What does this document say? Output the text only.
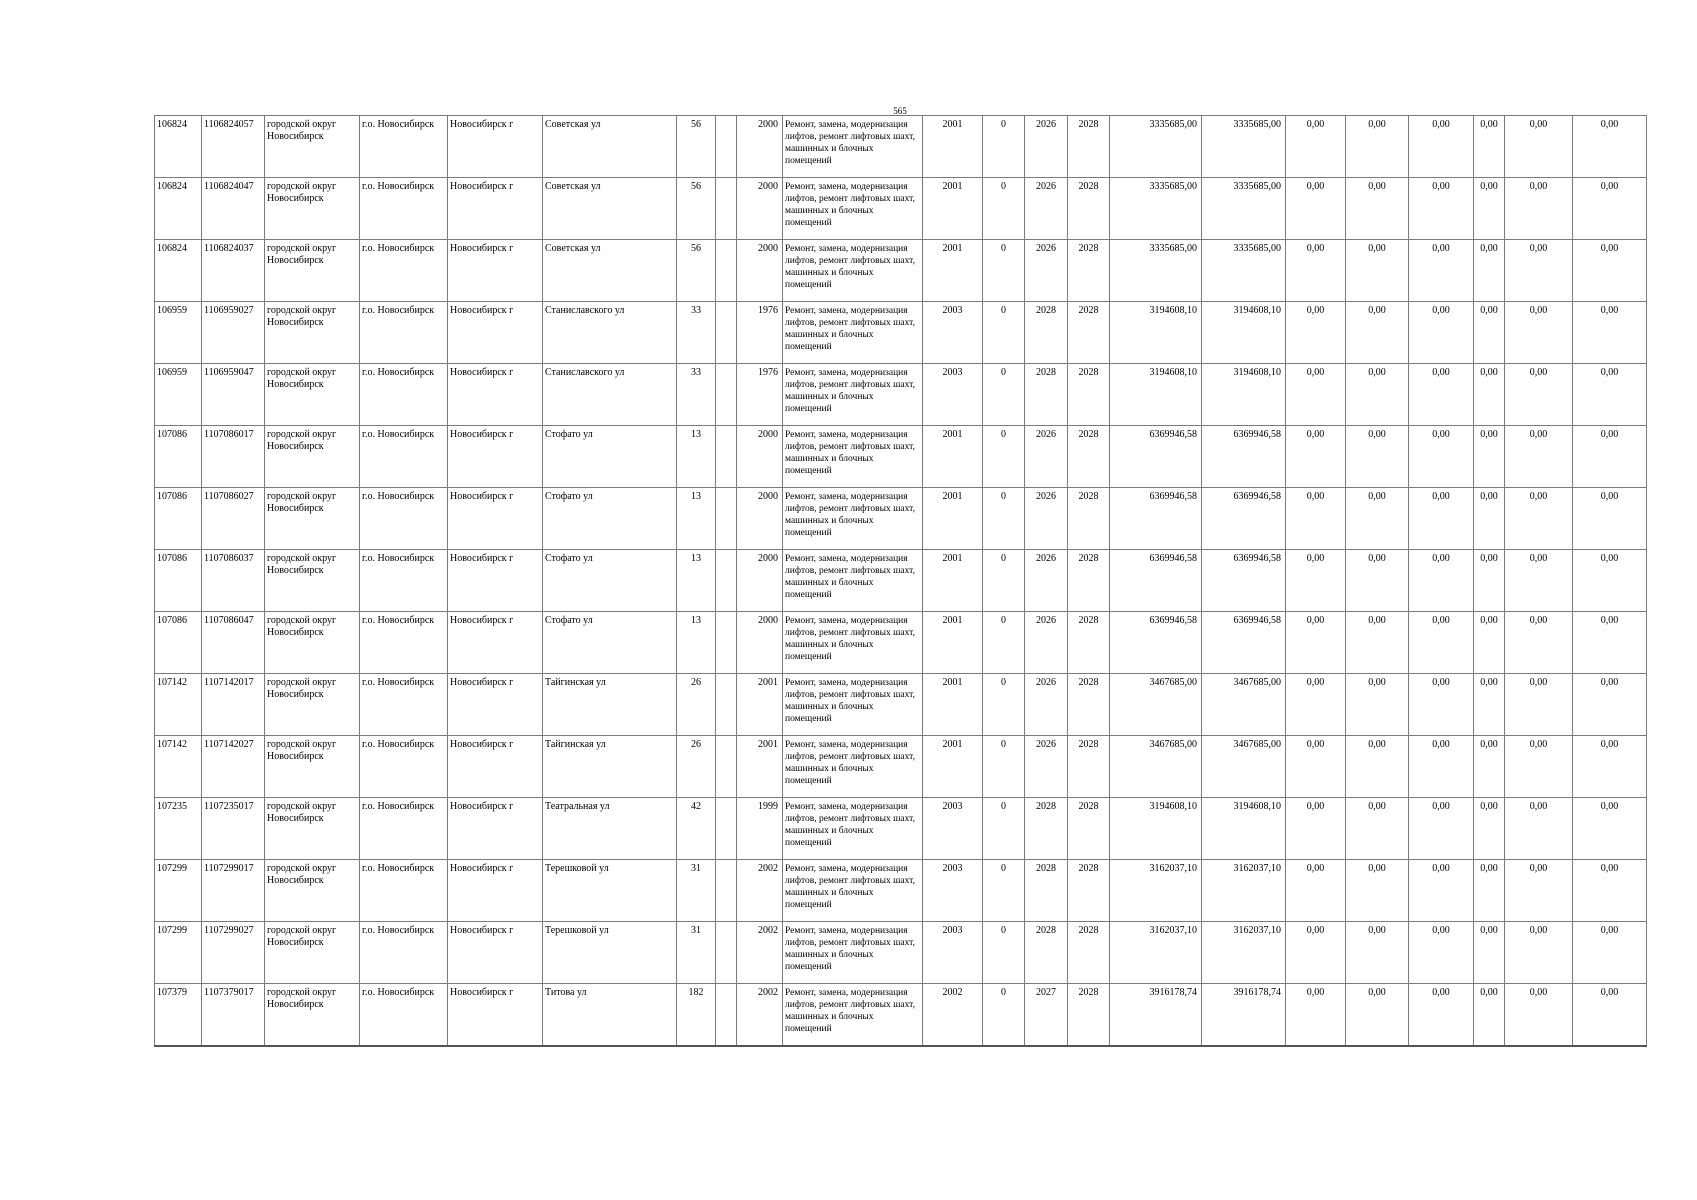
565
106824	1106824057	городской округ Новосибирск	г.о. Новосибирск	Новосибирск г	Советская ул	56		2000	Ремонт, замена, модернизация лифтов, ремонт лифтовых шахт, машинных и блочных помещений	2001	0	2026	2028	3335685,00	3335685,00	0,00	0,00	0,00	0,00	0,00	0,00
106824	1106824047	городской округ Новосибирск	г.о. Новосибирск	Новосибирск г	Советская ул	56		2000	Ремонт, замена, модернизация лифтов, ремонт лифтовых шахт, машинных и блочных помещений	2001	0	2026	2028	3335685,00	3335685,00	0,00	0,00	0,00	0,00	0,00	0,00
106824	1106824037	городской округ Новосибирск	г.о. Новосибирск	Новосибирск г	Советская ул	56		2000	Ремонт, замена, модернизация лифтов, ремонт лифтовых шахт, машинных и блочных помещений	2001	0	2026	2028	3335685,00	3335685,00	0,00	0,00	0,00	0,00	0,00	0,00
106959	1106959027	городской округ Новосибирск	г.о. Новосибирск	Новосибирск г	Станиславского ул	33		1976	Ремонт, замена, модернизация лифтов, ремонт лифтовых шахт, машинных и блочных помещений	2003	0	2028	2028	3194608,10	3194608,10	0,00	0,00	0,00	0,00	0,00	0,00
106959	1106959047	городской округ Новосибирск	г.о. Новосибирск	Новосибирск г	Станиславского ул	33		1976	Ремонт, замена, модернизация лифтов, ремонт лифтовых шахт, машинных и блочных помещений	2003	0	2028	2028	3194608,10	3194608,10	0,00	0,00	0,00	0,00	0,00	0,00
107086	1107086017	городской округ Новосибирск	г.о. Новосибирск	Новосибирск г	Стофато ул	13		2000	Ремонт, замена, модернизация лифтов, ремонт лифтовых шахт, машинных и блочных помещений	2001	0	2026	2028	6369946,58	6369946,58	0,00	0,00	0,00	0,00	0,00	0,00
107086	1107086027	городской округ Новосибирск	г.о. Новосибирск	Новосибирск г	Стофато ул	13		2000	Ремонт, замена, модернизация лифтов, ремонт лифтовых шахт, машинных и блочных помещений	2001	0	2026	2028	6369946,58	6369946,58	0,00	0,00	0,00	0,00	0,00	0,00
107086	1107086037	городской округ Новосибирск	г.о. Новосибирск	Новосибирск г	Стофато ул	13		2000	Ремонт, замена, модернизация лифтов, ремонт лифтовых шахт, машинных и блочных помещений	2001	0	2026	2028	6369946,58	6369946,58	0,00	0,00	0,00	0,00	0,00	0,00
107086	1107086047	городской округ Новосибирск	г.о. Новосибирск	Новосибирск г	Стофато ул	13		2000	Ремонт, замена, модернизация лифтов, ремонт лифтовых шахт, машинных и блочных помещений	2001	0	2026	2028	6369946,58	6369946,58	0,00	0,00	0,00	0,00	0,00	0,00
107142	1107142017	городской округ Новосибирск	г.о. Новосибирск	Новосибирск г	Тайгинская ул	26		2001	Ремонт, замена, модернизация лифтов, ремонт лифтовых шахт, машинных и блочных помещений	2001	0	2026	2028	3467685,00	3467685,00	0,00	0,00	0,00	0,00	0,00	0,00
107142	1107142027	городской округ Новосибирск	г.о. Новосибирск	Новосибирск г	Тайгинская ул	26		2001	Ремонт, замена, модернизация лифтов, ремонт лифтовых шахт, машинных и блочных помещений	2001	0	2026	2028	3467685,00	3467685,00	0,00	0,00	0,00	0,00	0,00	0,00
107235	1107235017	городской округ Новосибирск	г.о. Новосибирск	Новосибирск г	Театральная ул	42		1999	Ремонт, замена, модернизация лифтов, ремонт лифтовых шахт, машинных и блочных помещений	2003	0	2028	2028	3194608,10	3194608,10	0,00	0,00	0,00	0,00	0,00	0,00
107299	1107299017	городской округ Новосибирск	г.о. Новосибирск	Новосибирск г	Терешковой ул	31		2002	Ремонт, замена, модернизация лифтов, ремонт лифтовых шахт, машинных и блочных помещений	2003	0	2028	2028	3162037,10	3162037,10	0,00	0,00	0,00	0,00	0,00	0,00
107299	1107299027	городской округ Новосибирск	г.о. Новосибирск	Новосибирск г	Терешковой ул	31		2002	Ремонт, замена, модернизация лифтов, ремонт лифтовых шахт, машинных и блочных помещений	2003	0	2028	2028	3162037,10	3162037,10	0,00	0,00	0,00	0,00	0,00	0,00
107379	1107379017	городской округ Новосибирск	г.о. Новосибирск	Новосибирск г	Титова ул	182		2002	Ремонт, замена, модернизация лифтов, ремонт лифтовых шахт, машинных и блочных помещений	2002	0	2027	2028	3916178,74	3916178,74	0,00	0,00	0,00	0,00	0,00	0,00
